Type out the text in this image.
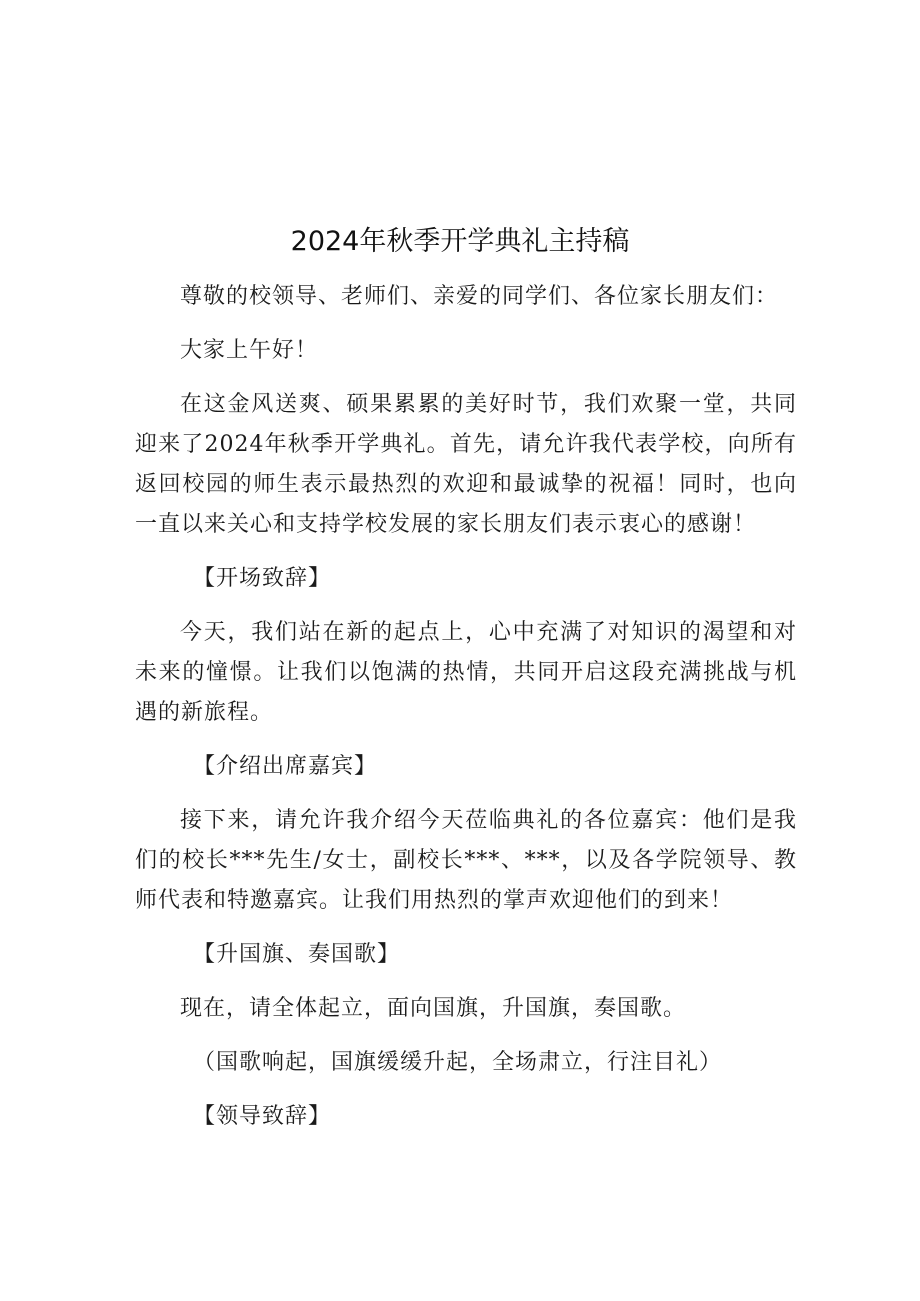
2024年秋季开学典礼主持稿

尊敬的校领导、老师们、亲爱的同学们、各位家长朋友们：

大家上午好！

在这金风送爽、硕果累累的美好时节，我们欢聚一堂，共同迎来了2024年秋季开学典礼。首先，请允许我代表学校，向所有返回校园的师生表示最热烈的欢迎和最诚挚的祝福！同时，也向一直以来关心和支持学校发展的家长朋友们表示衷心的感谢！

【开场致辞】

今天，我们站在新的起点上，心中充满了对知识的渴望和对未来的憧憬。让我们以饱满的热情，共同开启这段充满挑战与机遇的新旅程。

【介绍出席嘉宾】

接下来，请允许我介绍今天莅临典礼的各位嘉宾：他们是我们的校长***先生/女士，副校长***、***，以及各学院领导、教师代表和特邀嘉宾。让我们用热烈的掌声欢迎他们的到来！

【升国旗、奏国歌】

现在，请全体起立，面向国旗，升国旗，奏国歌。

（国歌响起，国旗缓缓升起，全场肃立，行注目礼）

【领导致辞】
